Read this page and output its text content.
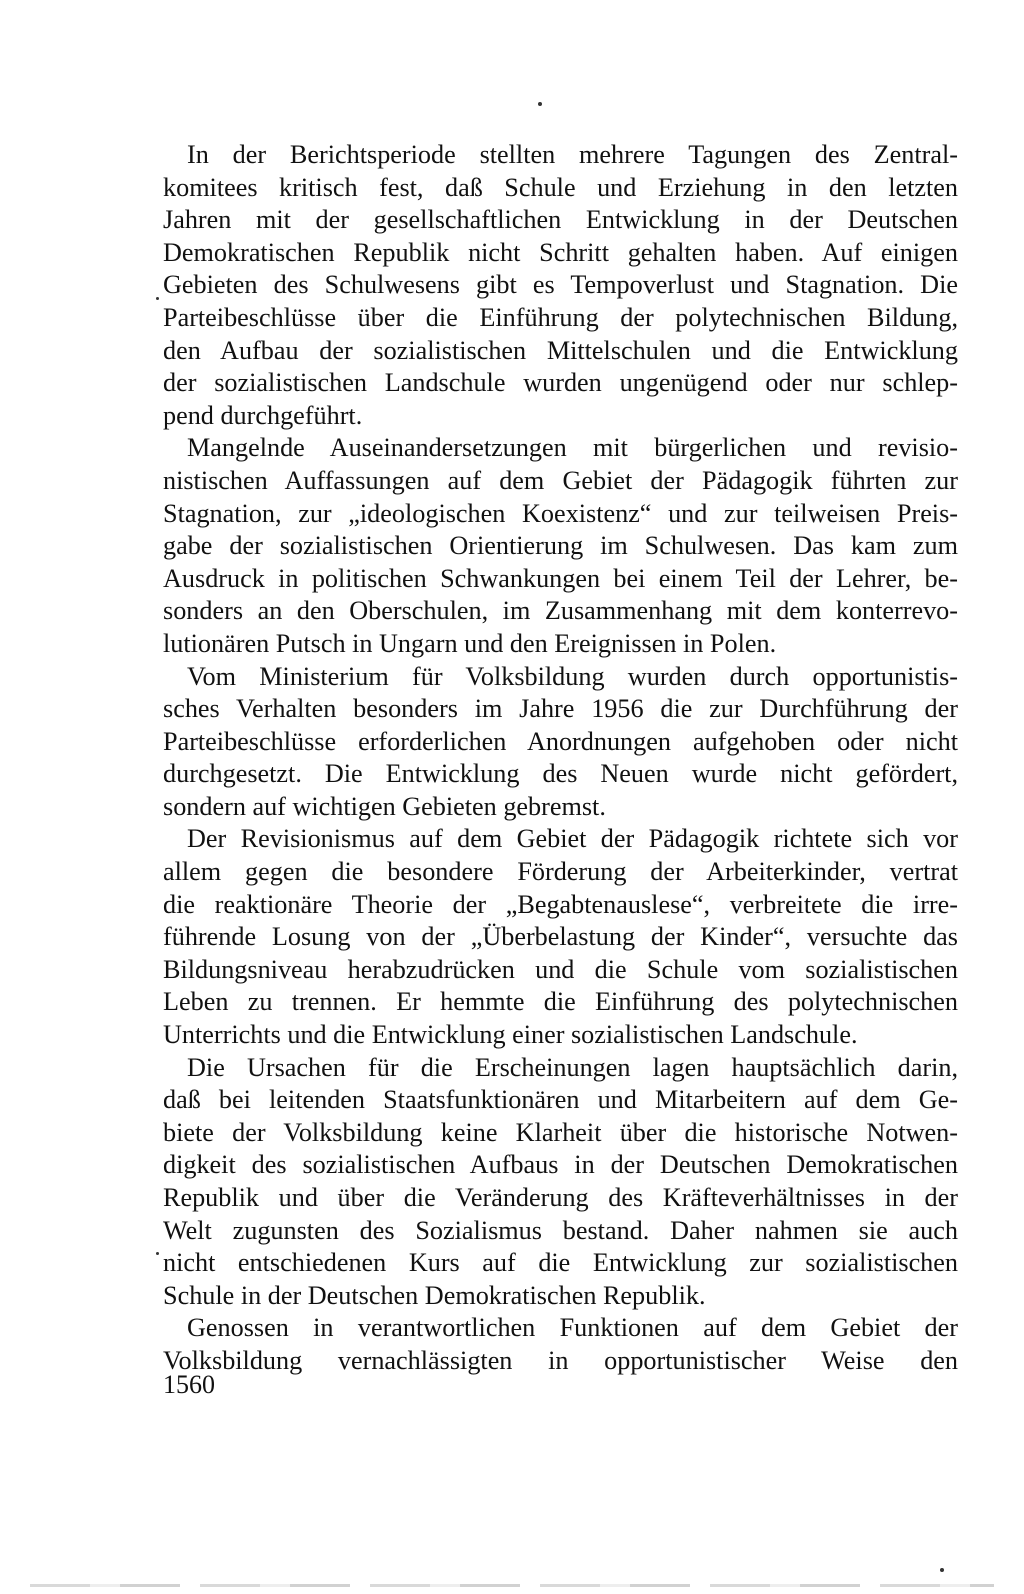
In der Berichtsperiode stellten mehrere Tagungen des Zentral-
komitees kritisch fest, daß Schule und Erziehung in den letzten
Jahren mit der gesellschaftlichen Entwicklung in der Deutschen
Demokratischen Republik nicht Schritt gehalten haben. Auf einigen
Gebieten des Schulwesens gibt es Tempoverlust und Stagnation. Die
Parteibeschlüsse über die Einführung der polytechnischen Bildung,
den Aufbau der sozialistischen Mittelschulen und die Entwicklung
der sozialistischen Landschule wurden ungenügend oder nur schlep-
pend durchgeführt.

Mangelnde Auseinandersetzungen mit bürgerlichen und revisio-
nistischen Auffassungen auf dem Gebiet der Pädagogik führten zur
Stagnation, zur „ideologischen Koexistenz“ und zur teilweisen Preis-
gabe der sozialistischen Orientierung im Schulwesen. Das kam zum
Ausdruck in politischen Schwankungen bei einem Teil der Lehrer, be-
sonders an den Oberschulen, im Zusammenhang mit dem konterrevo-
lutionären Putsch in Ungarn und den Ereignissen in Polen.

Vom Ministerium für Volksbildung wurden durch opportunistis-
sches Verhalten besonders im Jahre 1956 die zur Durchführung der
Parteibeschlüsse erforderlichen Anordnungen aufgehoben oder nicht
durchgesetzt. Die Entwicklung des Neuen wurde nicht gefördert,
sondern auf wichtigen Gebieten gebremst.

Der Revisionismus auf dem Gebiet der Pädagogik richtete sich vor
allem gegen die besondere Förderung der Arbeiterkinder, vertrat
die reaktionäre Theorie der „Begabtenauslese“, verbreitete die irre-
führende Losung von der „Überbelastung der Kinder“, versuchte das
Bildungsniveau herabzudrücken und die Schule vom sozialistischen
Leben zu trennen. Er hemmte die Einführung des polytechnischen
Unterrichts und die Entwicklung einer sozialistischen Landschule.

Die Ursachen für die Erscheinungen lagen hauptsächlich darin,
daß bei leitenden Staatsfunktionären und Mitarbeitern auf dem Ge-
biete der Volksbildung keine Klarheit über die historische Notwen-
digkeit des sozialistischen Aufbaus in der Deutschen Demokratischen
Republik und über die Veränderung des Kräfteverhältnisses in der
Welt zugunsten des Sozialismus bestand. Daher nahmen sie auch
nicht entschiedenen Kurs auf die Entwicklung zur sozialistischen
Schule in der Deutschen Demokratischen Republik.

Genossen in verantwortlichen Funktionen auf dem Gebiet der
Volksbildung vernachlässigten in opportunistischer Weise den

1560
